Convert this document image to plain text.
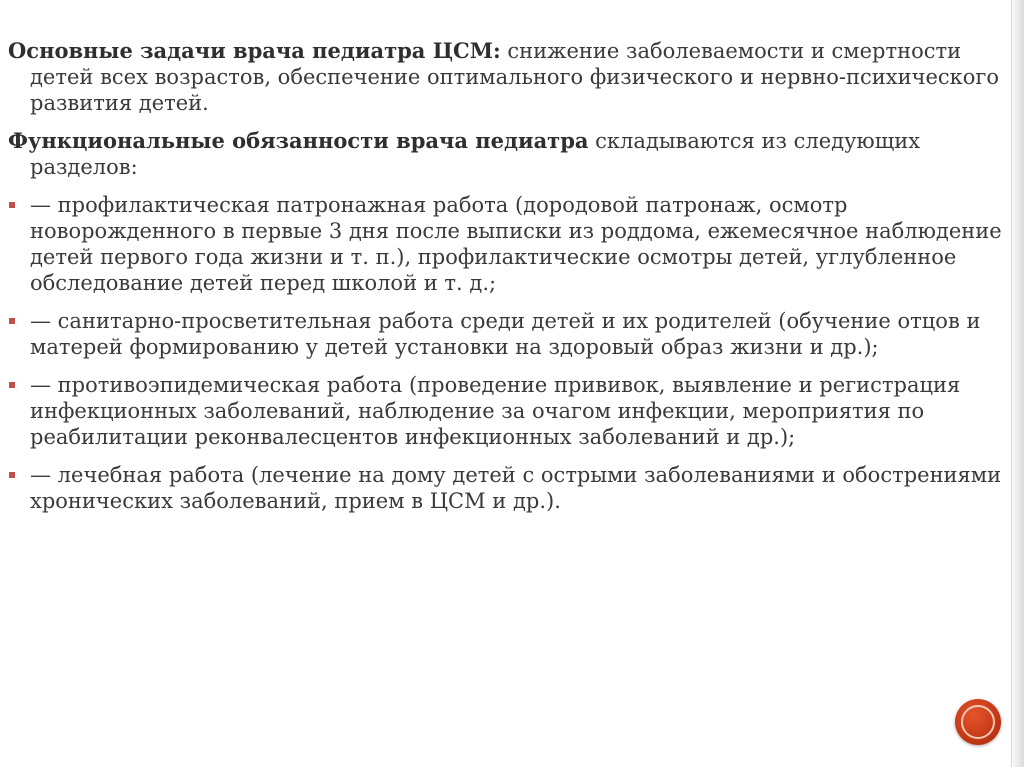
Основные задачи врача педиатра ЦСМ: снижение заболеваемости и смертности детей всех возрастов, обеспечение оптимального физического и нервно-психического развития детей.

Функциональные обязанности врача педиатра складываются из следующих разделов:

— профилактическая патронажная работа (дородовой патронаж, осмотр новорожденного в первые 3 дня после выписки из роддома, ежемесячное наблюдение детей первого года жизни и т. п.), профилактические осмотры детей, углубленное обследование детей перед школой и т. д.;
— санитарно-просветительная работа среди детей и их родителей (обучение отцов и матерей формированию у детей установки на здоровый образ жизни и др.);
— противоэпидемическая работа (проведение прививок, выявление и регистрация инфекционных заболеваний, наблюдение за очагом инфекции, мероприятия по реабилитации реконвалесцентов инфекционных заболеваний и др.);
— лечебная работа (лечение на дому детей с острыми заболеваниями и обострениями хронических заболеваний, прием в ЦСМ и др.).
